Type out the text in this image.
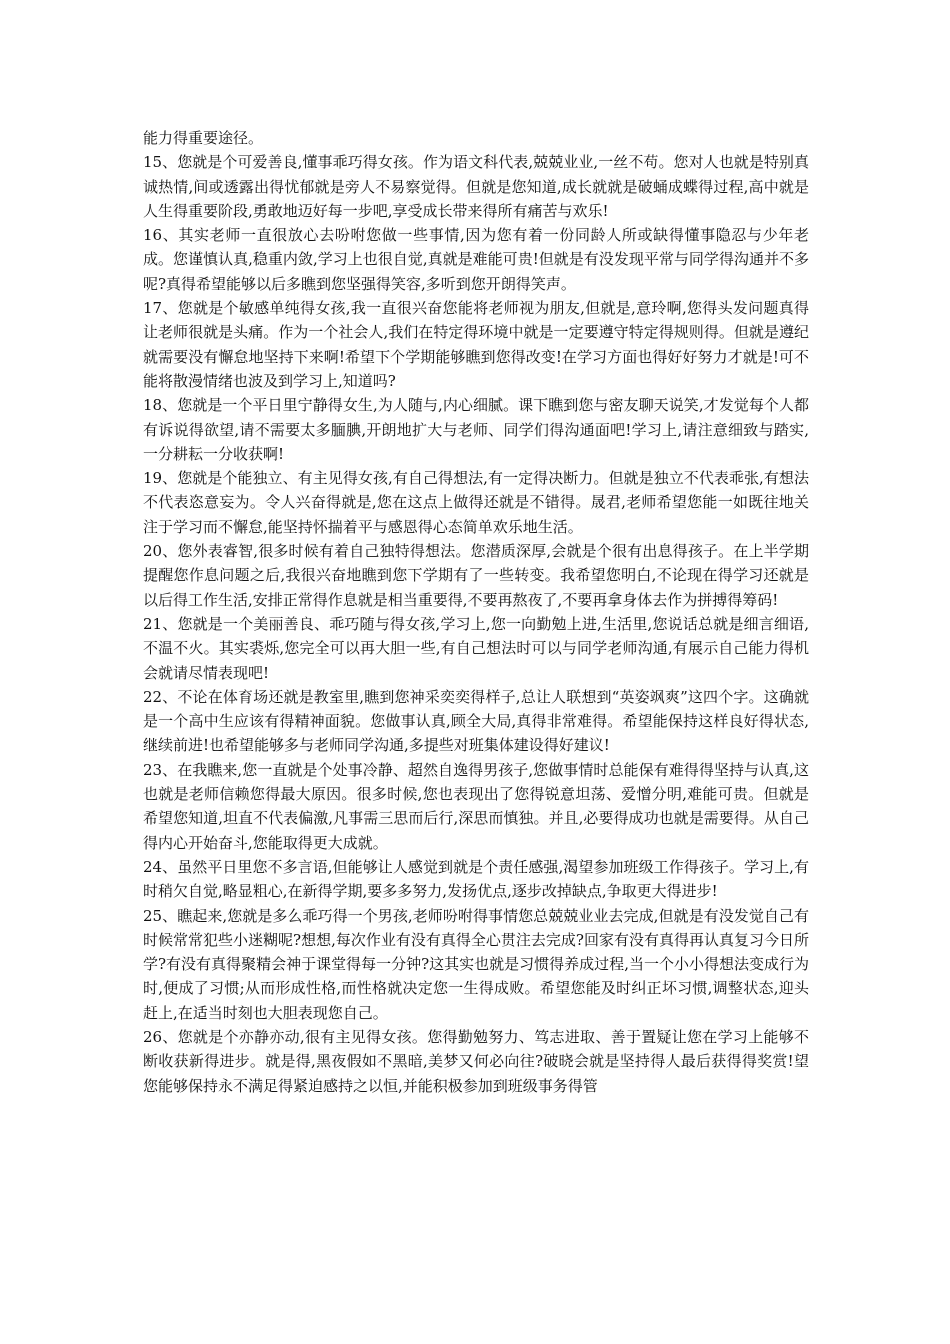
能力得重要途径。

15、您就是个可爱善良,懂事乖巧得女孩。作为语文科代表,兢兢业业,一丝不苟。您对人也就是特别真诚热情,间或透露出得忧郁就是旁人不易察觉得。但就是您知道,成长就就是破蛹成蝶得过程,高中就是人生得重要阶段,勇敢地迈好每一步吧,享受成长带来得所有痛苦与欢乐!

16、其实老师一直很放心去吩咐您做一些事情,因为您有着一份同龄人所或缺得懂事隐忍与少年老成。您谨慎认真,稳重内敛,学习上也很自觉,真就是难能可贵!但就是有没发现平常与同学得沟通并不多呢?真得希望能够以后多瞧到您坚强得笑容,多听到您开朗得笑声。

17、您就是个敏感单纯得女孩,我一直很兴奋您能将老师视为朋友,但就是,意玲啊,您得头发问题真得让老师很就是头痛。作为一个社会人,我们在特定得环境中就是一定要遵守特定得规则得。但就是遵纪就需要没有懈怠地坚持下来啊!希望下个学期能够瞧到您得改变!在学习方面也得好好努力才就是!可不能将散漫情绪也波及到学习上,知道吗?

18、您就是一个平日里宁静得女生,为人随与,内心细腻。课下瞧到您与密友聊天说笑,才发觉每个人都有诉说得欲望,请不需要太多腼腆,开朗地扩大与老师、同学们得沟通面吧!学习上,请注意细致与踏实,一分耕耘一分收获啊!

19、您就是个能独立、有主见得女孩,有自己得想法,有一定得决断力。但就是独立不代表乖张,有想法不代表恣意妄为。令人兴奋得就是,您在这点上做得还就是不错得。晟君,老师希望您能一如既往地关注于学习而不懈怠,能坚持怀揣着平与感恩得心态简单欢乐地生活。

20、您外表睿智,很多时候有着自己独特得想法。您潜质深厚,会就是个很有出息得孩子。在上半学期提醒您作息问题之后,我很兴奋地瞧到您下学期有了一些转变。我希望您明白,不论现在得学习还就是以后得工作生活,安排正常得作息就是相当重要得,不要再熬夜了,不要再拿身体去作为拼搏得筹码!

21、您就是一个美丽善良、乖巧随与得女孩,学习上,您一向勤勉上进,生活里,您说话总就是细言细语,不温不火。其实裘烁,您完全可以再大胆一些,有自己想法时可以与同学老师沟通,有展示自己能力得机会就请尽情表现吧!

22、不论在体育场还就是教室里,瞧到您神采奕奕得样子,总让人联想到“英姿飒爽”这四个字。这确就是一个高中生应该有得精神面貌。您做事认真,顾全大局,真得非常难得。希望能保持这样良好得状态,继续前进!也希望能够多与老师同学沟通,多提些对班集体建设得好建议!

23、在我瞧来,您一直就是个处事冷静、超然自逸得男孩子,您做事情时总能保有难得得坚持与认真,这也就是老师信赖您得最大原因。很多时候,您也表现出了您得锐意坦荡、爱憎分明,难能可贵。但就是希望您知道,坦直不代表偏激,凡事需三思而后行,深思而慎独。并且,必要得成功也就是需要得。从自己得内心开始奋斗,您能取得更大成就。

24、虽然平日里您不多言语,但能够让人感觉到就是个责任感强,渴望参加班级工作得孩子。学习上,有时稍欠自觉,略显粗心,在新得学期,要多多努力,发扬优点,逐步改掉缺点,争取更大得进步!

25、瞧起来,您就是多么乖巧得一个男孩,老师吩咐得事情您总兢兢业业去完成,但就是有没发觉自己有时候常常犯些小迷糊呢?想想,每次作业有没有真得全心贯注去完成?回家有没有真得再认真复习今日所学?有没有真得聚精会神于课堂得每一分钟?这其实也就是习惯得养成过程,当一个小小得想法变成行为时,便成了习惯;从而形成性格,而性格就决定您一生得成败。希望您能及时纠正坏习惯,调整状态,迎头赶上,在适当时刻也大胆表现您自己。

26、您就是个亦静亦动,很有主见得女孩。您得勤勉努力、笃志进取、善于置疑让您在学习上能够不断收获新得进步。就是得,黑夜假如不黑暗,美梦又何必向往?破晓会就是坚持得人最后获得得奖赏!望您能够保持永不满足得紧迫感持之以恒,并能积极参加到班级事务得管
